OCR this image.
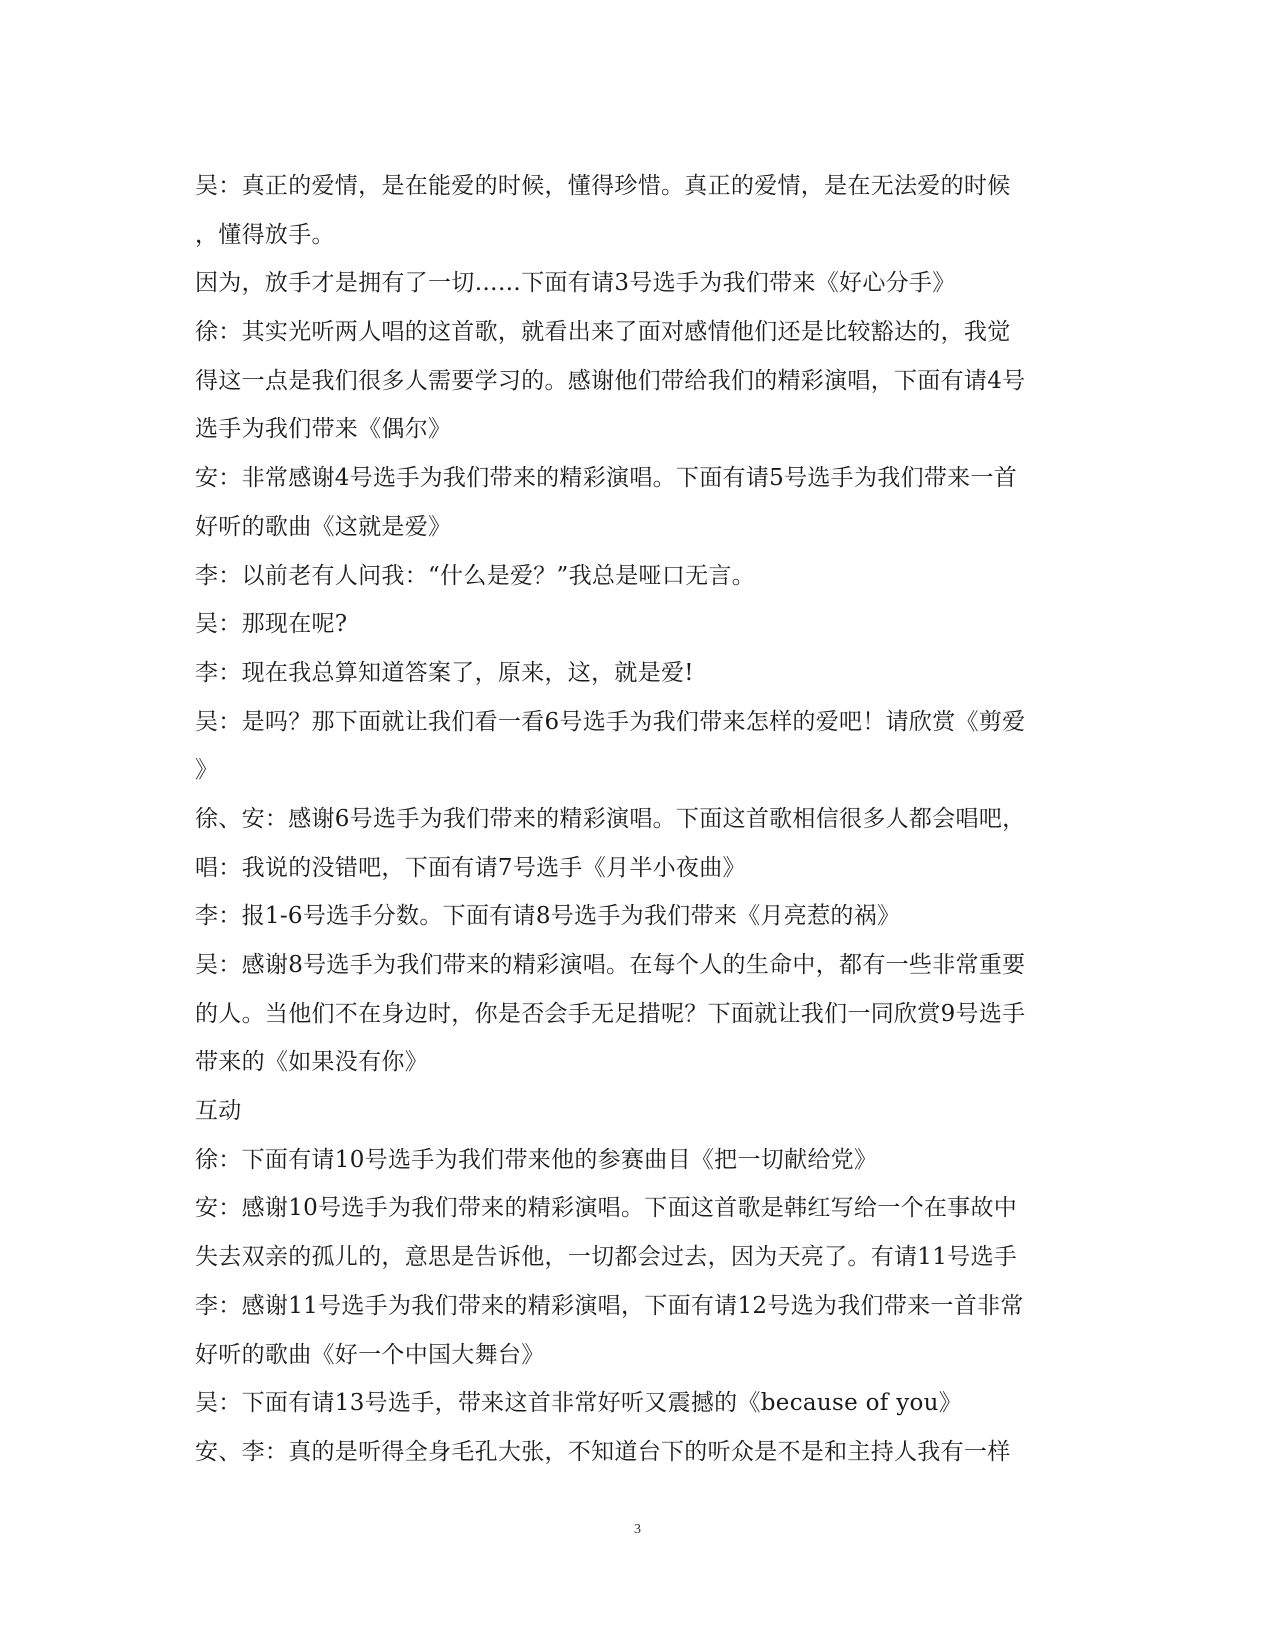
吴：真正的爱情，是在能爱的时候，懂得珍惜。真正的爱情，是在无法爱的时候
，懂得放手。
因为，放手才是拥有了一切……下面有请3号选手为我们带来《好心分手》
徐：其实光听两人唱的这首歌，就看出来了面对感情他们还是比较豁达的，我觉
得这一点是我们很多人需要学习的。感谢他们带给我们的精彩演唱，下面有请4号
选手为我们带来《偶尔》
安：非常感谢4号选手为我们带来的精彩演唱。下面有请5号选手为我们带来一首
好听的歌曲《这就是爱》
李：以前老有人问我：“什么是爱？”我总是哑口无言。
吴：那现在呢?
李：现在我总算知道答案了，原来，这，就是爱!
吴：是吗？那下面就让我们看一看6号选手为我们带来怎样的爱吧！请欣赏《剪爱
》
徐、安：感谢6号选手为我们带来的精彩演唱。下面这首歌相信很多人都会唱吧，
唱：我说的没错吧，下面有请7号选手《月半小夜曲》
李：报1-6号选手分数。下面有请8号选手为我们带来《月亮惹的祸》
吴：感谢8号选手为我们带来的精彩演唱。在每个人的生命中，都有一些非常重要
的人。当他们不在身边时，你是否会手无足措呢？下面就让我们一同欣赏9号选手
带来的《如果没有你》
互动
徐：下面有请10号选手为我们带来他的参赛曲目《把一切献给党》
安：感谢10号选手为我们带来的精彩演唱。下面这首歌是韩红写给一个在事故中
失去双亲的孤儿的，意思是告诉他，一切都会过去，因为天亮了。有请11号选手
李：感谢11号选手为我们带来的精彩演唱，下面有请12号选为我们带来一首非常
好听的歌曲《好一个中国大舞台》
吴：下面有请13号选手，带来这首非常好听又震撼的《because of you》
安、李：真的是听得全身毛孔大张，不知道台下的听众是不是和主持人我有一样
3
